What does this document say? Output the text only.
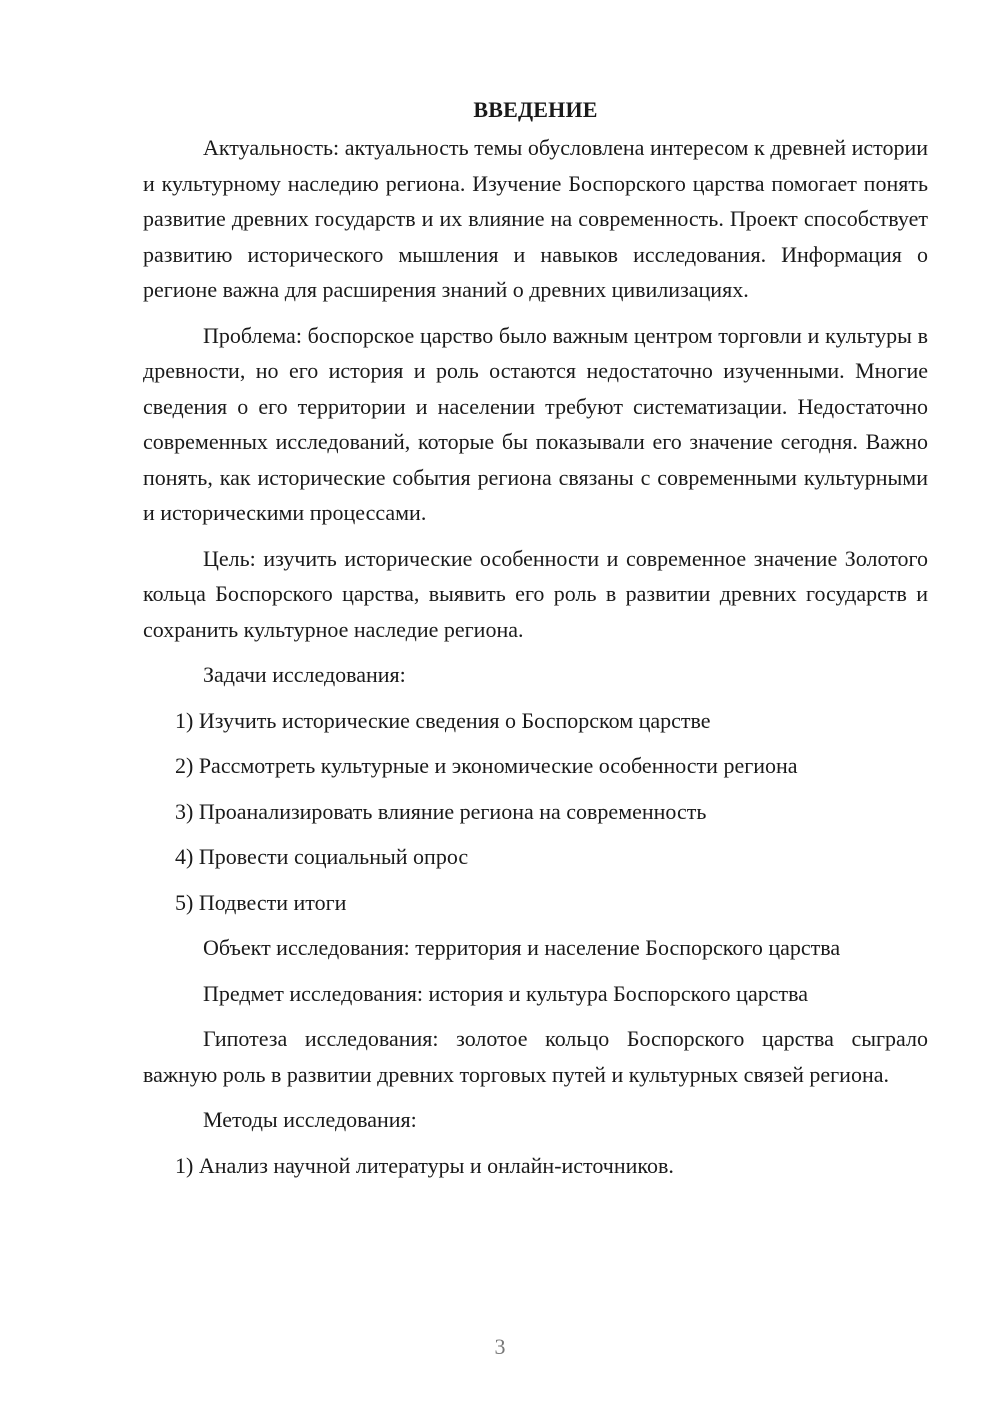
ВВЕДЕНИЕ

Актуальность: актуальность темы обусловлена интересом к древней истории и культурному наследию региона. Изучение Боспорского царства помогает понять развитие древних государств и их влияние на современность. Проект способствует развитию исторического мышления и навыков исследования. Информация о регионе важна для расширения знаний о древних цивилизациях.

Проблема: боспорское царство было важным центром торговли и культуры в древности, но его история и роль остаются недостаточно изученными. Многие сведения о его территории и населении требуют систематизации. Недостаточно современных исследований, которые бы показывали его значение сегодня. Важно понять, как исторические события региона связаны с современными культурными и историческими процессами.

Цель: изучить исторические особенности и современное значение Золотого кольца Боспорского царства, выявить его роль в развитии древних государств и сохранить культурное наследие региона.

Задачи исследования:
1) Изучить исторические сведения о Боспорском царстве
2) Рассмотреть культурные и экономические особенности региона
3) Проанализировать влияние региона на современность
4) Провести социальный опрос
5) Подвести итоги
Объект исследования: территория и население Боспорского царства
Предмет исследования: история и культура Боспорского царства

Гипотеза исследования: золотое кольцо Боспорского царства сыграло важную роль в развитии древних торговых путей и культурных связей региона.

Методы исследования:
1) Анализ научной литературы и онлайн-источников.
3
